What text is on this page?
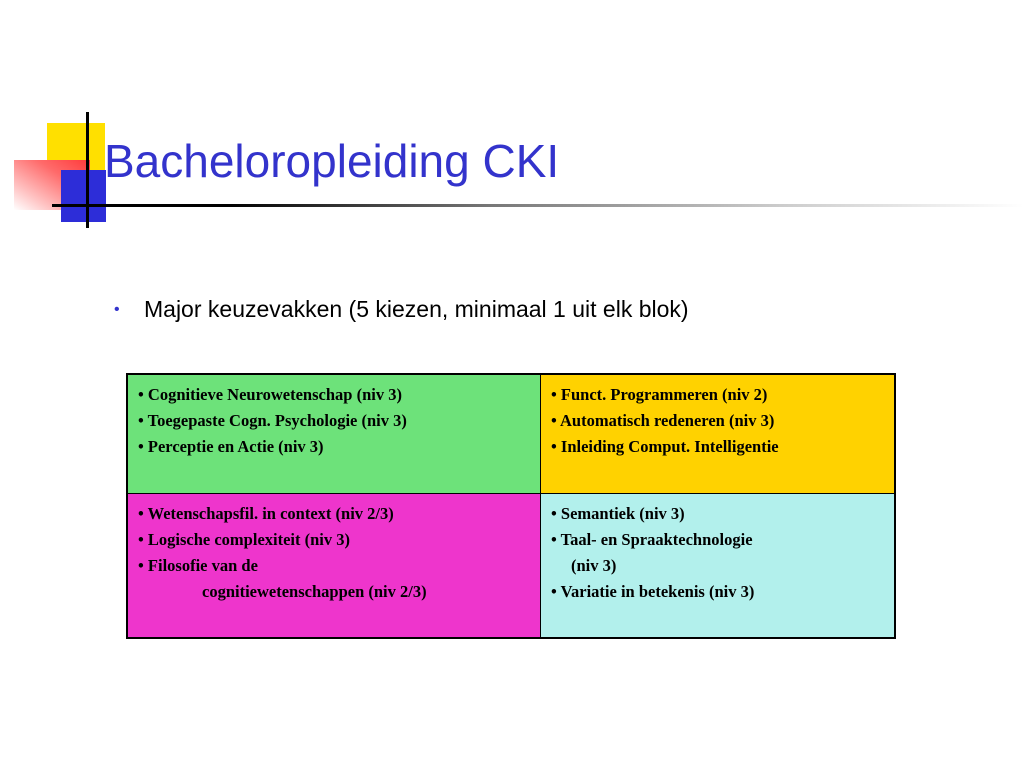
Bacheloropleiding CKI
• Major keuzevakken (5 kiezen, minimaal 1 uit elk blok)
• Cognitieve Neurowetenschap (niv 3)
• Toegepaste Cogn. Psychologie (niv 3)
• Perceptie en Actie (niv 3)
• Funct. Programmeren (niv 2)
• Automatisch redeneren (niv 3)
• Inleiding Comput. Intelligentie
• Wetenschapsfil. in context (niv 2/3)
• Logische complexiteit (niv 3)
• Filosofie van de
cognitiewetenschappen (niv 2/3)
• Semantiek (niv 3)
• Taal- en Spraaktechnologie
(niv 3)
• Variatie in betekenis (niv 3)
